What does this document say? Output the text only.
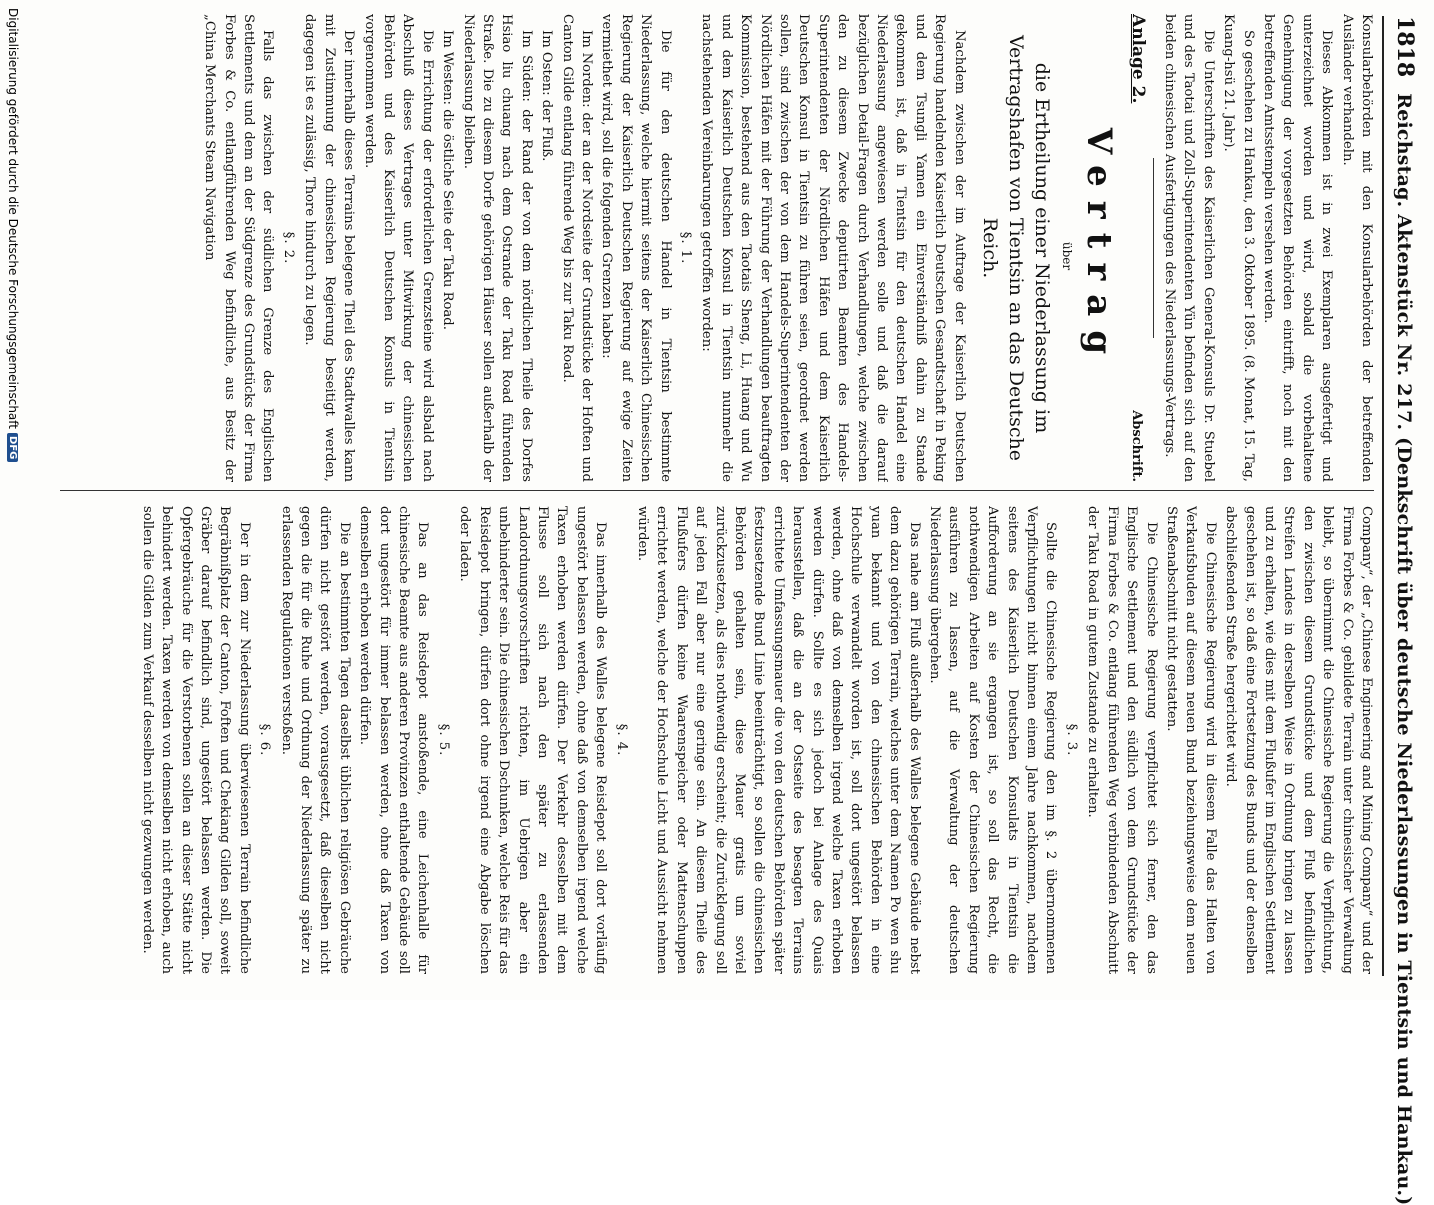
1818
Reichstag. Aktenstück Nr. 217. (Denkschrift über deutsche Niederlassungen in Tientsin und Hankau.)

Konsularbehörden mit den Konsularbehörden der betreffenden Ausländer verhandeln.

Dieses Abkommen ist in zwei Exemplaren ausgefertigt und unterzeichnet worden und wird, sobald die vorbehaltene Genehmigung der vorgesetzten Behörden eintrifft, noch mit den betreffenden Amtsstempeln versehen werden.

So geschehen zu Hankau, den 3. Oktober 1895. (8. Monat, 15. Tag, Kuang-hsü 21. Jahr).

Die Unterschriften des Kaiserlichen General-Konsuls Dr. Stuebel und des Taotai und Zoll-Superintendenten Yün befinden sich auf den beiden chinesischen Ausfertigungen des Niederlassungs-Vertrags.

Anlage 2.
Abschrift.
Vertrag

über

die Ertheilung einer Niederlassung im Vertragshafen von Tientsin an das Deutsche Reich.

Nachdem zwischen der im Auftrage der Kaiserlich Deutschen Regierung handelnden Kaiserlich Deutschen Gesandtschaft in Peking und dem Tsungli Yamen ein Einverständniß dahin zu Stande gekommen ist, daß in Tientsin für den deutschen Handel eine Niederlassung angewiesen werden solle und daß die darauf bezüglichen Detail-Fragen durch Verhandlungen, welche zwischen den zu diesem Zwecke deputirten Beamten des Handels-Superintendenten der Nördlichen Häfen und dem Kaiserlich Deutschen Konsul in Tientsin zu führen seien, geordnet werden sollen, sind zwischen der von dem Handels-Superintendenten der Nördlichen Häfen mit der Führung der Verhandlungen beauftragten Kommission, bestehend aus den Taotais Sheng, Li, Huang und Wu und dem Kaiserlich Deutschen Konsul in Tientsin nunmehr die nachstehenden Vereinbarungen getroffen worden:

§. 1.

Die für den deutschen Handel in Tientsin bestimmte Niederlassung, welche hiermit seitens der Kaiserlich Chinesischen Regierung der Kaiserlich Deutschen Regierung auf ewige Zeiten vermiethet wird, soll die folgenden Grenzen haben:

Im Norden: der an der Nordseite der Grundstücke der Hoften und Canton Gilde entlang führende Weg bis zur Taku Road.

Im Osten: der Fluß.

Im Süden: der Rand der von dem nördlichen Theile des Dorfes Hsiao liu chuang nach dem Ostrande der Taku Road führenden Straße. Die zu diesem Dorfe gehörigen Häuser sollen außerhalb der Niederlassung bleiben.

Im Westen: die östliche Seite der Taku Road.

Die Errichtung der erforderlichen Grenzsteine wird alsbald nach Abschluß dieses Vertrages unter Mitwirkung der chinesischen Behörden und des Kaiserlich Deutschen Konsuls in Tientsin vorgenommen werden.

Der innerhalb dieses Terrains belegene Theil des Stadtwalles kann mit Zustimmung der chinesischen Regierung beseitigt werden, dagegen ist es zulässig, Thore hindurch zu legen.

§. 2.

Falls das zwischen der südlichen Grenze des Englischen Settlements und dem an der Südgrenze des Grundstücks der Firma Forbes & Co. entlangführenden Weg befindliche, aus Besitz der „China Merchants Steam Navigation

Company“, der „Chinese Engineering and Mining Company“ und der Firma Forbes & Co. gebildete Terrain unter chinesischer Verwaltung bleibt, so übernimmt die Chinesische Regierung die Verpflichtung, den zwischen diesem Grundstücke und dem Fluß befindlichen Streifen Landes in derselben Weise in Ordnung bringen zu lassen und zu erhalten, wie dies mit dem Flußufer im Englischen Settlement geschehen ist, so daß eine Fortsetzung des Bunds und der denselben abschließenden Straße hergerichtet wird.

Die Chinesische Regierung wird in diesem Falle das Halten von Verkaufsbuden auf diesem neuen Bund beziehungsweise dem neuen Straßenabschnitt nicht gestatten.

Die Chinesische Regierung verpflichtet sich ferner, den das Englische Settlement und den südlich von dem Grundstücke der Firma Forbes & Co. entlang führenden Weg verbindenden Abschnitt der Taku Road in gutem Zustande zu erhalten.

§. 3.

Sollte die Chinesische Regierung den im §. 2 übernommenen Verpflichtungen nicht binnen einem Jahre nachkommen, nachdem seitens des Kaiserlich Deutschen Konsulats in Tientsin die Aufforderung an sie ergangen ist, so soll das Recht, die nothwendigen Arbeiten auf Kosten der Chinesischen Regierung ausführen zu lassen, auf die Verwaltung der deutschen Niederlassung übergehen.

Das nahe am Fluß außerhalb des Walles belegene Gebäude nebst dem dazu gehörigen Terrain, welches unter dem Namen Po wen shu yuan bekannt und von den chinesischen Behörden in eine Hochschule verwandelt worden ist, soll dort ungestört belassen werden, ohne daß von demselben irgend welche Taxen erhoben werden dürfen. Sollte es sich jedoch bei Anlage des Quais herausstellen, daß die an der Ostseite des besagten Terrains errichtete Umfassungsmauer die von den deutschen Behörden später festzusetzende Bund Linie beeinträchtigt, so sollen die chinesischen Behörden gehalten sein, diese Mauer gratis um soviel zurückzusetzen, als dies nothwendig erscheint; die Zurücklegung soll auf jeden Fall aber nur eine geringe sein. An diesem Theile des Flußufers dürfen keine Waarenspeicher oder Mattenschuppen errichtet werden, welche der Hochschule Licht und Aussicht nehmen würden.

§. 4.

Das innerhalb des Walles belegene Reisdepot soll dort vorläufig ungestört belassen werden, ohne daß von demselben irgend welche Taxen erhoben werden dürfen. Der Verkehr desselben mit dem Flusse soll sich nach den später zu erlassenden Landordnungsvorschriften richten, im Uebrigen aber ein unbehinderter sein. Die chinesischen Dschunken, welche Reis für das Reisdepot bringen, dürfen dort ohne irgend eine Abgabe löschen oder laden.

§. 5.

Das an das Reisdepot anstoßende, eine Leichenhalle für chinesische Beamte aus anderen Provinzen enthaltende Gebäude soll dort ungestört für immer belassen werden, ohne daß Taxen von demselben erhoben werden dürfen.

Die an bestimmten Tagen daselbst üblichen religiösen Gebräuche dürfen nicht gestört werden, vorausgesetzt, daß dieselben nicht gegen die für die Ruhe und Ordnung der Niederlassung später zu erlassenden Regulationen verstoßen.

§. 6.

Der in dem zur Niederlassung überwiesenen Terrain befindliche Begräbnißplatz der Canton, Foften und Chekiang Gilden soll, soweit Gräber darauf befindlich sind, ungestört belassen werden. Die Opfergebräuche für die Verstorbenen sollen an dieser Stätte nicht behindert werden. Taxen werden von demselben nicht erhoben, auch sollen die Gilden zum Verkauf desselben nicht gezwungen werden.

Digitalisierung gefördert durch die Deutsche Forschungsgemeinschaft
DFG
